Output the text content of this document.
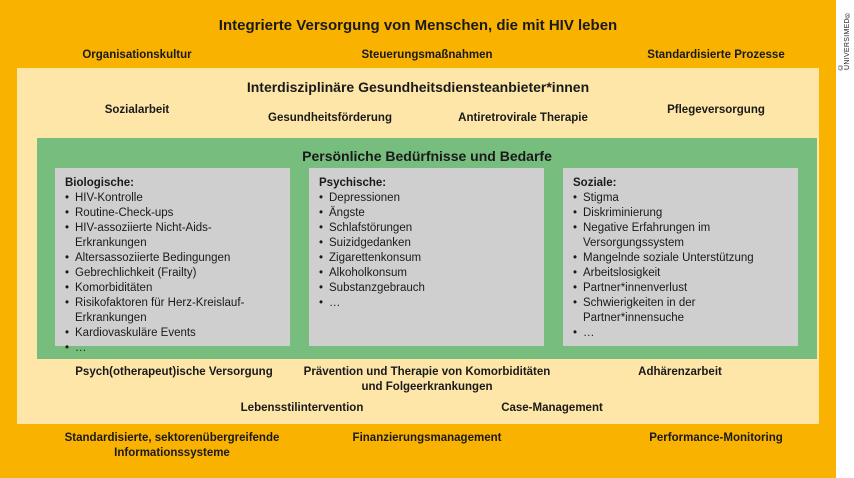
Integrierte Versorgung von Menschen, die mit HIV leben
Organisationskultur	Steuerungsmaßnahmen	Standardisierte Prozesse
Interdisziplinäre Gesundheitsdiensteanbieter*innen
Sozialarbeit
Gesundheitsförderung	Antiretrovirale Therapie
Pflegeversorgung
Persönliche Bedürfnisse und Bedarfe
Biologische:
• HIV-Kontrolle
• Routine-Check-ups
• HIV-assoziierte Nicht-Aids-Erkrankungen
• Altersassoziierte Bedingungen
• Gebrechlichkeit (Frailty)
• Komorbiditäten
• Risikofaktoren für Herz-Kreislauf-Erkrankungen
• Kardiovaskuläre Events
• …
Psychische:
• Depressionen
• Ängste
• Schlafstörungen
• Suizidgedanken
• Zigarettenkonsum
• Alkoholkonsum
• Substanzgebrauch
• …
Soziale:
• Stigma
• Diskriminierung
• Negative Erfahrungen im Versorgungssystem
• Mangelnde soziale Unterstützung
• Arbeitslosigkeit
• Partner*innenverlust
• Schwierigkeiten in der Partner*innensuche
• …
Psych(otherapeut)ische Versorgung	Prävention und Therapie von Komorbiditäten
und Folgeerkrankungen
Adhärenzarbeit
Lebensstilintervention	Case-Management
Standardisierte, sektorenübergreifende
Informationssysteme
Finanzierungsmanagement	Performance-Monitoring
© UNIVERSIMED®
